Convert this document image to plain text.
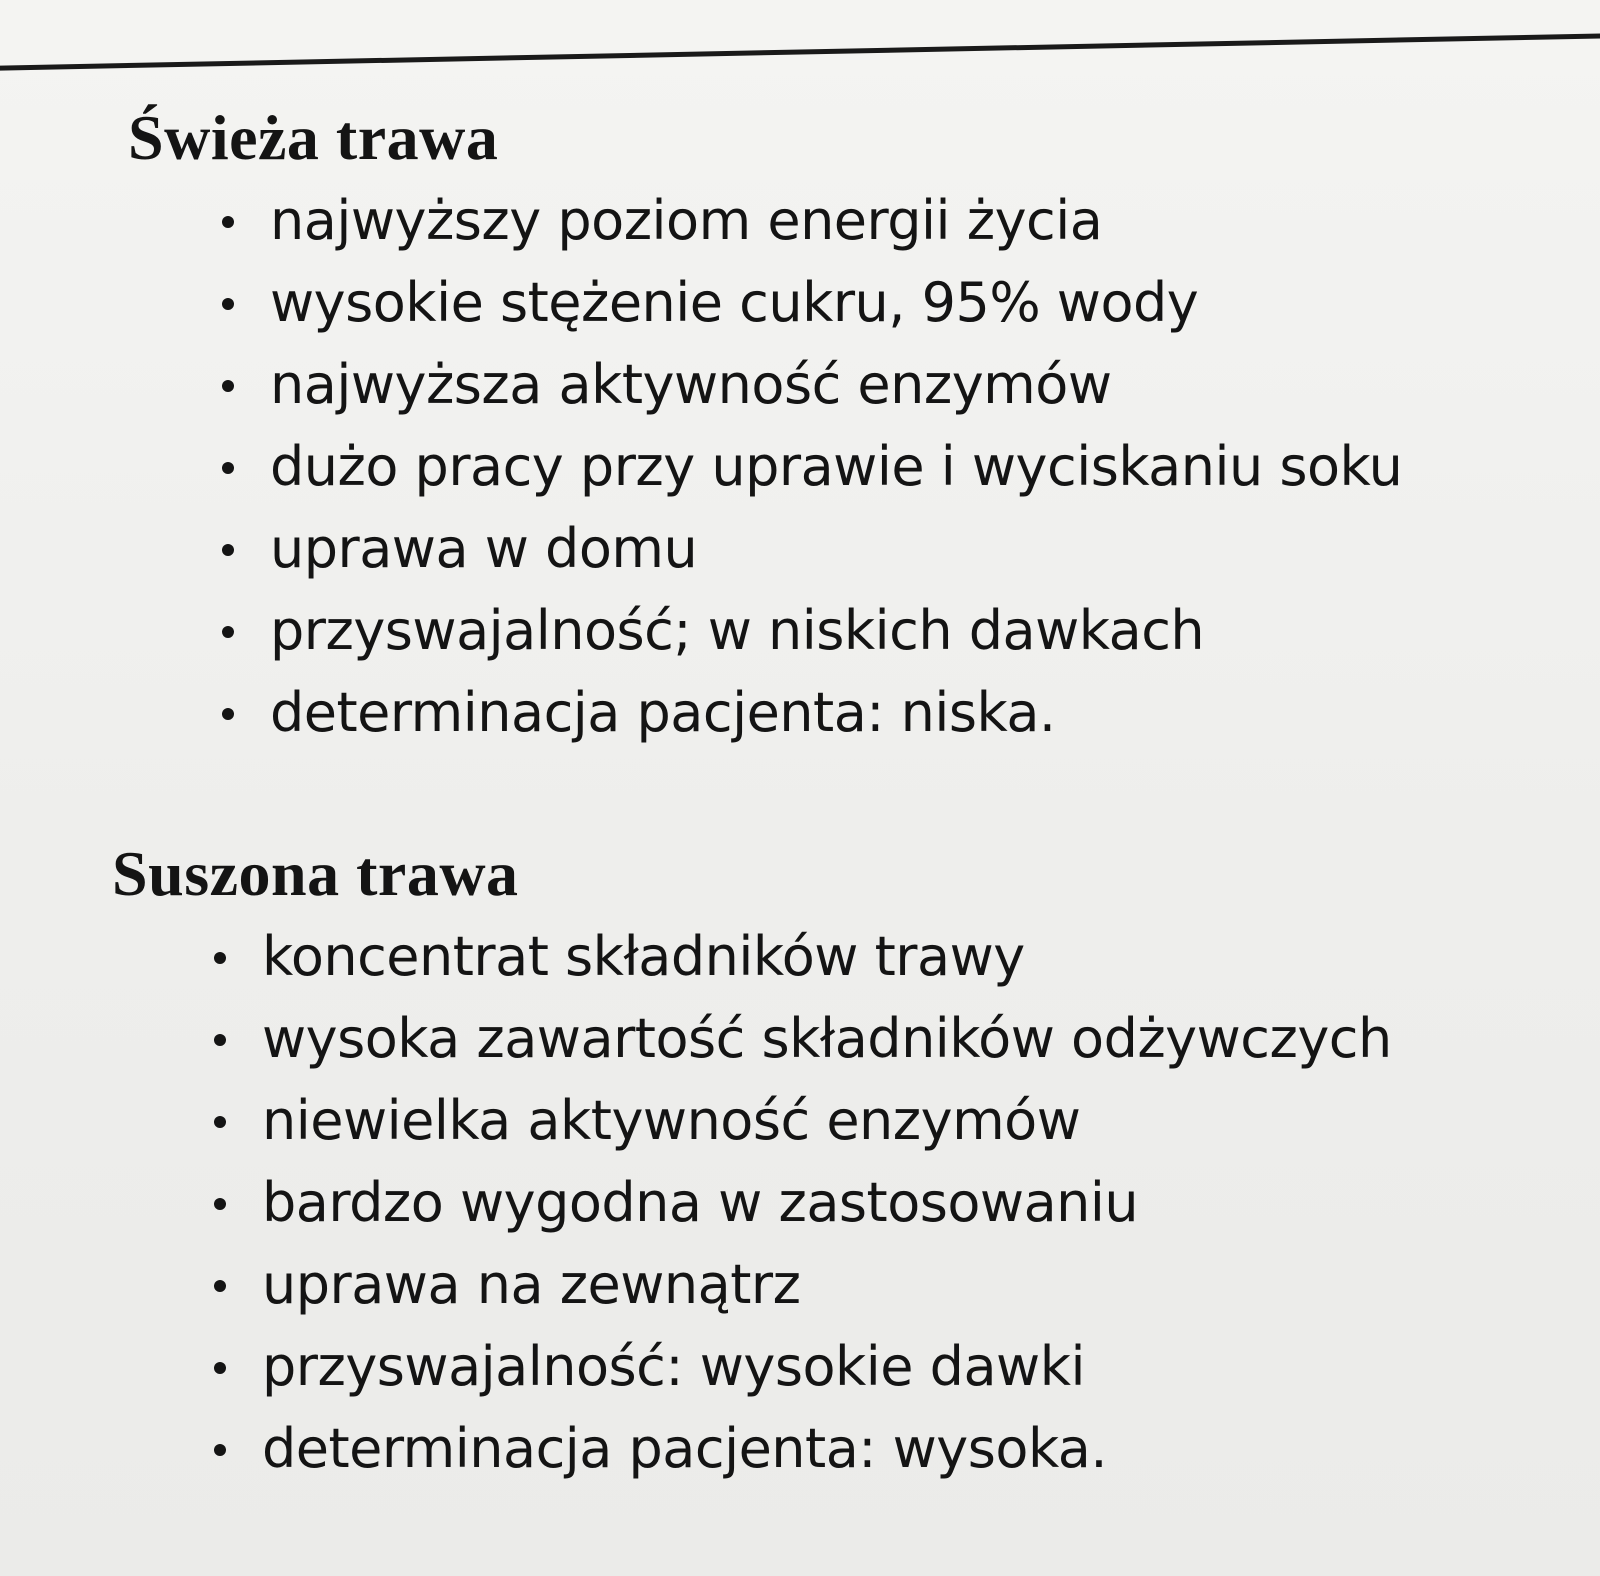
Świeża trawa
najwyższy poziom energii życia
wysokie stężenie cukru, 95% wody
najwyższa aktywność enzymów
dużo pracy przy uprawie i wyciskaniu soku
uprawa w domu
przyswajalność; w niskich dawkach
determinacja pacjenta: niska.
Suszona trawa
koncentrat składników trawy
wysoka zawartość składników odżywczych
niewielka aktywność enzymów
bardzo wygodna w zastosowaniu
uprawa na zewnątrz
przyswajalność: wysokie dawki
determinacja pacjenta: wysoka.
